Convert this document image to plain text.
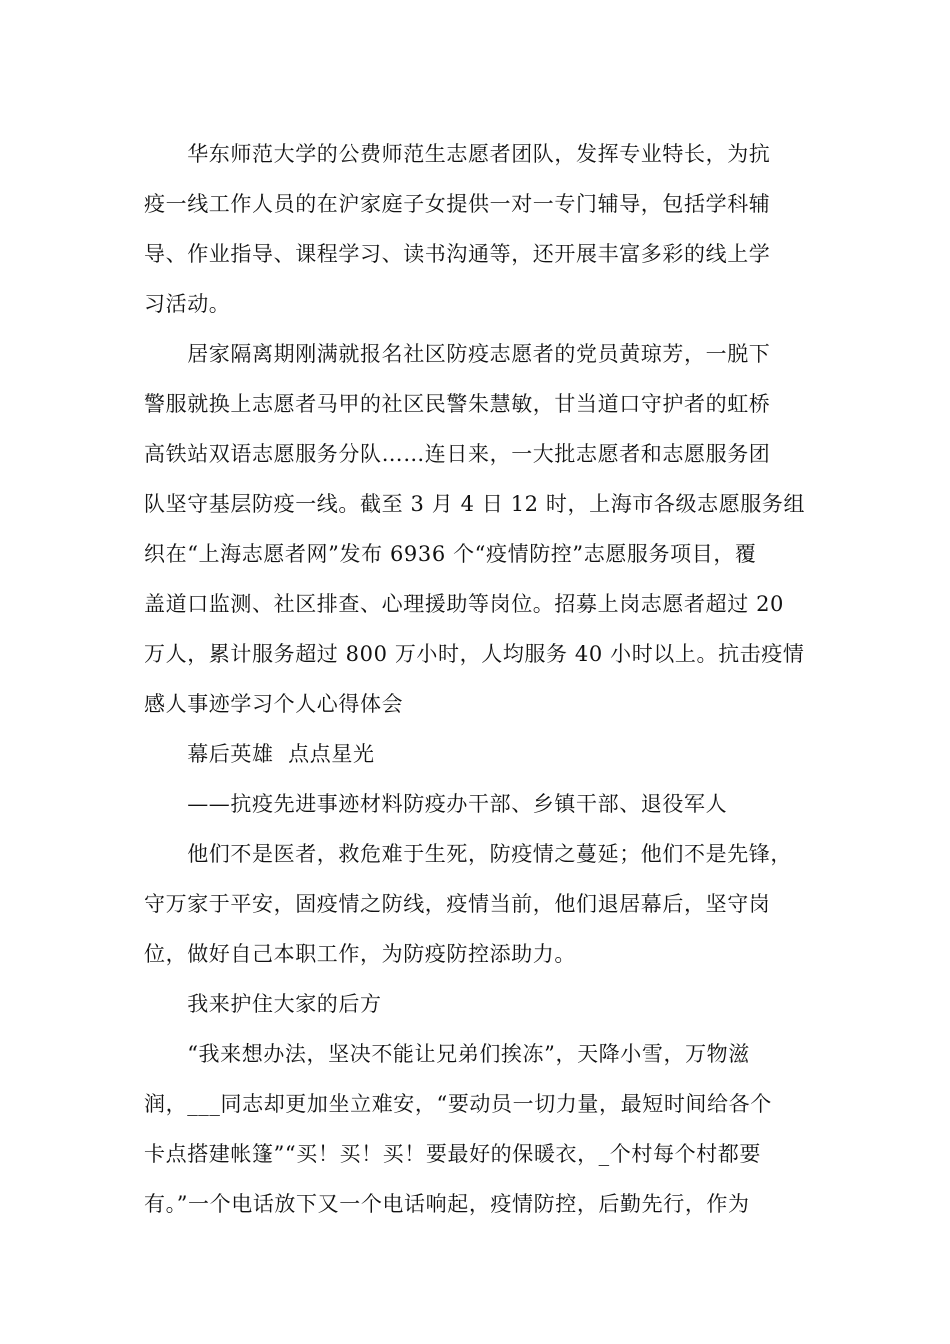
　　华东师范大学的公费师范生志愿者团队，发挥专业特长，为抗
疫一线工作人员的在沪家庭子女提供一对一专门辅导，包括学科辅
导、作业指导、课程学习、读书沟通等，还开展丰富多彩的线上学
习活动。
　　居家隔离期刚满就报名社区防疫志愿者的党员黄琼芳，一脱下
警服就换上志愿者马甲的社区民警朱慧敏，甘当道口守护者的虹桥
高铁站双语志愿服务分队……连日来，一大批志愿者和志愿服务团
队坚守基层防疫一线。截至 3 月 4 日 12 时，上海市各级志愿服务组
织在“上海志愿者网”发布 6936 个“疫情防控”志愿服务项目，覆
盖道口监测、社区排查、心理援助等岗位。招募上岗志愿者超过 20
万人，累计服务超过 800 万小时，人均服务 40 小时以上。抗击疫情
感人事迹学习个人心得体会
　　幕后英雄  点点星光
　　——抗疫先进事迹材料防疫办干部、乡镇干部、退役军人
　　他们不是医者，救危难于生死，防疫情之蔓延；他们不是先锋，
守万家于平安，固疫情之防线，疫情当前，他们退居幕后，坚守岗
位，做好自己本职工作，为防疫防控添助力。
　　我来护住大家的后方
　　“我来想办法，坚决不能让兄弟们挨冻”，天降小雪，万物滋
润，___同志却更加坐立难安，“要动员一切力量，最短时间给各个
卡点搭建帐篷”“买！买！买！要最好的保暖衣，_个村每个村都要
有。”一个电话放下又一个电话响起，疫情防控，后勤先行，作为
